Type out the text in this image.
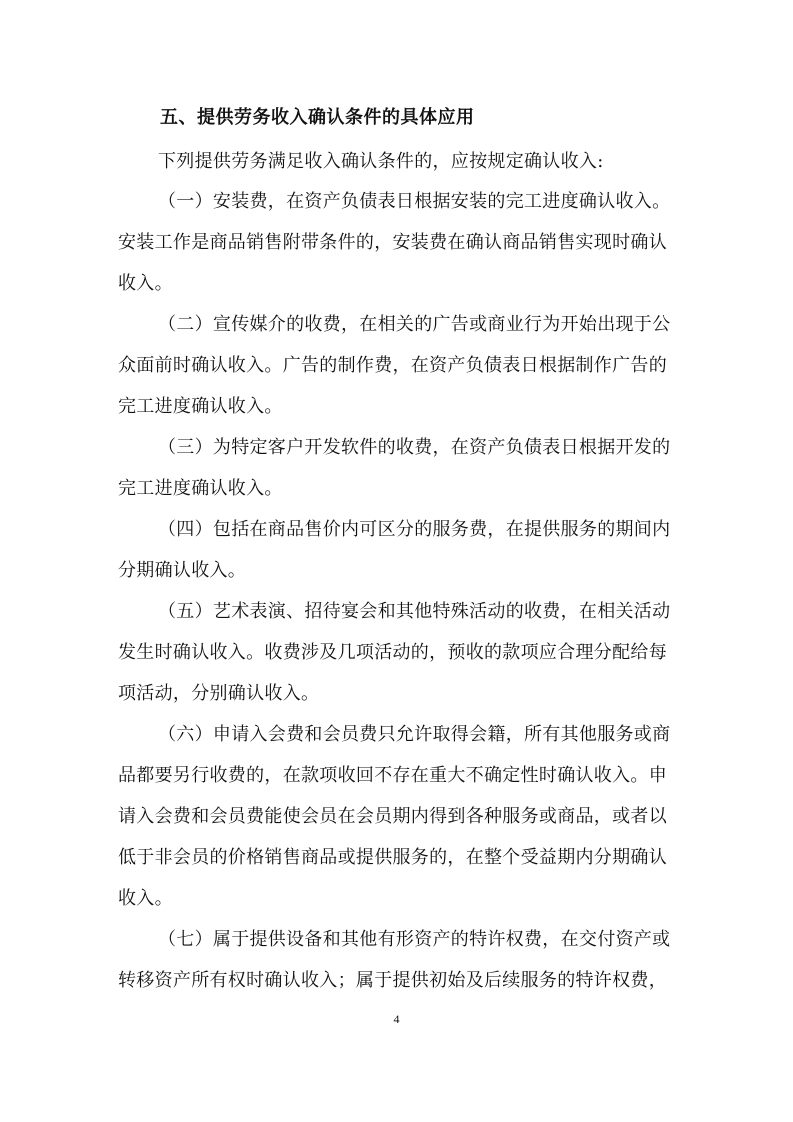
五、提供劳务收入确认条件的具体应用
下列提供劳务满足收入确认条件的，应按规定确认收入:
（一）安装费，在资产负债表日根据安装的完工进度确认收入。
安装工作是商品销售附带条件的，安装费在确认商品销售实现时确认
收入。
（二）宣传媒介的收费，在相关的广告或商业行为开始出现于公
众面前时确认收入。广告的制作费，在资产负债表日根据制作广告的
完工进度确认收入。
（三）为特定客户开发软件的收费，在资产负债表日根据开发的
完工进度确认收入。
（四）包括在商品售价内可区分的服务费，在提供服务的期间内
分期确认收入。
（五）艺术表演、招待宴会和其他特殊活动的收费，在相关活动
发生时确认收入。收费涉及几项活动的，预收的款项应合理分配给每
项活动，分别确认收入。
（六）申请入会费和会员费只允许取得会籍，所有其他服务或商
品都要另行收费的，在款项收回不存在重大不确定性时确认收入。申
请入会费和会员费能使会员在会员期内得到各种服务或商品，或者以
低于非会员的价格销售商品或提供服务的，在整个受益期内分期确认
收入。
（七）属于提供设备和其他有形资产的特许权费，在交付资产或
转移资产所有权时确认收入；属于提供初始及后续服务的特许权费，
4
